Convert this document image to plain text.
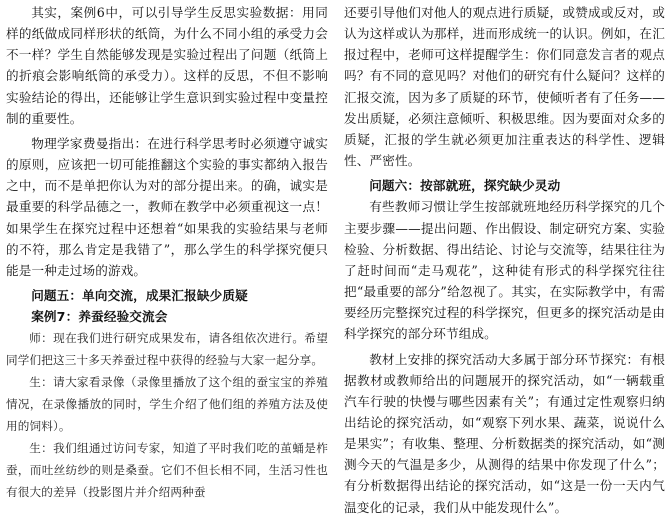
其实，案例6中，可以引导学生反思实验数据：用同样的纸做成同样形状的纸筒，为什么不同小组的承受力会不一样？学生自然能够发现是实验过程出了问题（纸筒上的折痕会影响纸筒的承受力）。这样的反思，不但不影响实验结论的得出，还能够让学生意识到实验过程中变量控制的重要性。

物理学家费曼指出：在进行科学思考时必须遵守诚实的原则，应该把一切可能推翻这个实验的事实都纳入报告之中，而不是单把你认为对的部分提出来。的确，诚实是最重要的科学品德之一，教师在教学中必须重视这一点！如果学生在探究过程中还想着“如果我的实验结果与老师的不符，那么肯定是我错了”，那么学生的科学探究便只能是一种走过场的游戏。

问题五：单向交流，成果汇报缺少质疑

案例7：养蚕经验交流会

师：现在我们进行研究成果发布，请各组依次进行。希望同学们把这三十多天养蚕过程中获得的经验与大家一起分享。

生：请大家看录像（录像里播放了这个组的蚕宝宝的养殖情况，在录像播放的同时，学生介绍了他们组的养殖方法及使用的饲料）。

生：我们组通过访问专家，知道了平时我们吃的茧蛹是柞蚕，而吐丝纺纱的则是桑蚕。它们不但长相不同，生活习性也有很大的差异（投影图片并介绍两种蚕

还要引导他们对他人的观点进行质疑，或赞成或反对，或认为这样或认为那样，进而形成统一的认识。例如，在汇报过程中，老师可这样提醒学生：你们同意发言者的观点吗？有不同的意见吗？对他们的研究有什么疑问？这样的汇报交流，因为多了质疑的环节，使倾听者有了任务——发出质疑，必须注意倾听、积极思维。因为要面对众多的质疑，汇报的学生就必须更加注重表达的科学性、逻辑性、严密性。

问题六：按部就班，探究缺少灵动

有些教师习惯让学生按部就班地经历科学探究的几个主要步骤——提出问题、作出假设、制定研究方案、实验检验、分析数据、得出结论、讨论与交流等，结果往往为了赶时间而“走马观花”，这种徒有形式的科学探究往往把“最重要的部分”给忽视了。其实，在实际教学中，有需要经历完整探究过程的科学探究，但更多的探究活动是由科学探究的部分环节组成。

教材上安排的探究活动大多属于部分环节探究：有根据教材或教师给出的问题展开的探究活动，如“一辆载重汽车行驶的快慢与哪些因素有关”；有通过定性观察归纳出结论的探究活动，如“观察下列水果、蔬菜，说说什么是果实”；有收集、整理、分析数据类的探究活动，如“测测今天的气温是多少，从测得的结果中你发现了什么”；有分析数据得出结论的探究活动，如“这是一份一天内气温变化的记录，我们从中能发现什么”。
